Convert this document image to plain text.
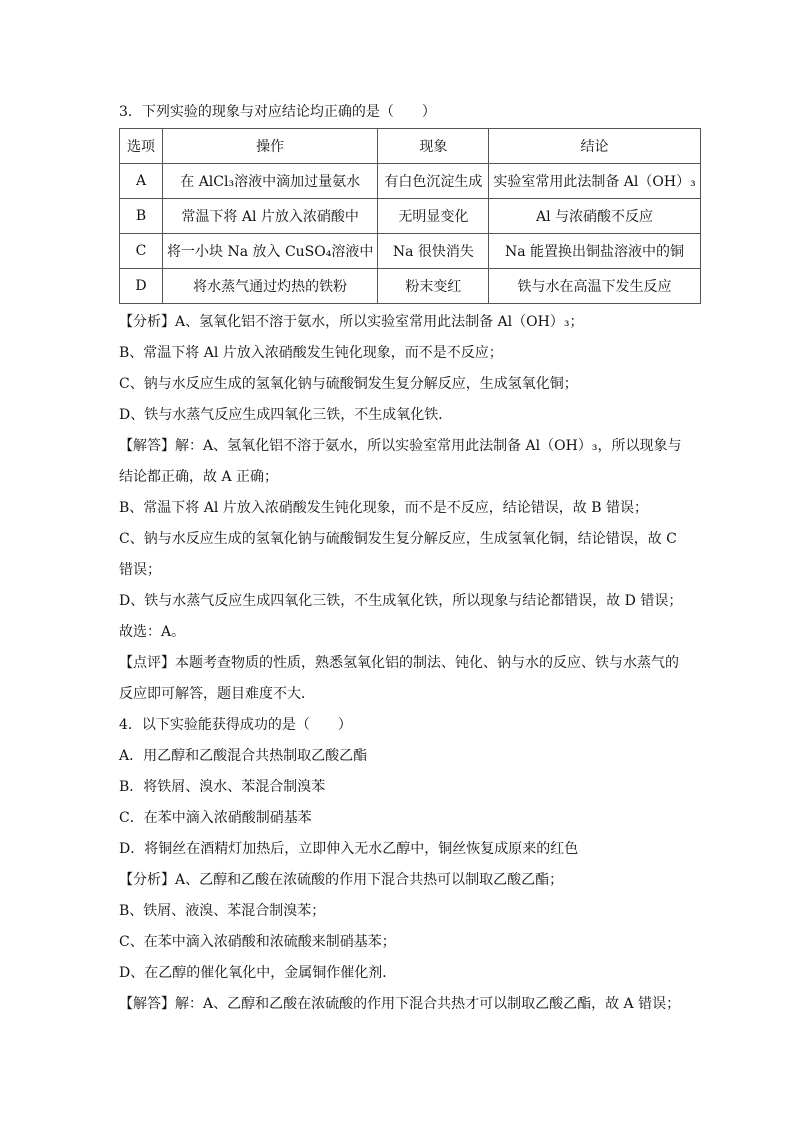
3．下列实验的现象与对应结论均正确的是（　　）
选项	操作	现象	结论
A	在 AlCl₃溶液中滴加过量氨水	有白色沉淀生成	实验室常用此法制备 Al（OH）₃
B	常温下将 Al 片放入浓硝酸中	无明显变化	Al 与浓硝酸不反应
C	将一小块 Na 放入 CuSO₄溶液中	Na 很快消失	Na 能置换出铜盐溶液中的铜
D	将水蒸气通过灼热的铁粉	粉末变红	铁与水在高温下发生反应
【分析】A、氢氧化铝不溶于氨水，所以实验室常用此法制备 Al（OH）₃；
B、常温下将 Al 片放入浓硝酸发生钝化现象，而不是不反应；
C、钠与水反应生成的氢氧化钠与硫酸铜发生复分解反应，生成氢氧化铜；
D、铁与水蒸气反应生成四氧化三铁，不生成氧化铁．
【解答】解：A、氢氧化铝不溶于氨水，所以实验室常用此法制备 Al（OH）₃，所以现象与
结论都正确，故 A 正确；
B、常温下将 Al 片放入浓硝酸发生钝化现象，而不是不反应，结论错误，故 B 错误；
C、钠与水反应生成的氢氧化钠与硫酸铜发生复分解反应，生成氢氧化铜，结论错误，故 C
错误；
D、铁与水蒸气反应生成四氧化三铁，不生成氧化铁，所以现象与结论都错误，故 D 错误；
故选：A。
【点评】本题考查物质的性质，熟悉氢氧化铝的制法、钝化、钠与水的反应、铁与水蒸气的
反应即可解答，题目难度不大．
4．以下实验能获得成功的是（　　）
A．用乙醇和乙酸混合共热制取乙酸乙酯
B．将铁屑、溴水、苯混合制溴苯
C．在苯中滴入浓硝酸制硝基苯
D．将铜丝在酒精灯加热后，立即伸入无水乙醇中，铜丝恢复成原来的红色
【分析】A、乙醇和乙酸在浓硫酸的作用下混合共热可以制取乙酸乙酯；
B、铁屑、液溴、苯混合制溴苯；
C、在苯中滴入浓硝酸和浓硫酸来制硝基苯；
D、在乙醇的催化氧化中，金属铜作催化剂．
【解答】解：A、乙醇和乙酸在浓硫酸的作用下混合共热才可以制取乙酸乙酯，故 A 错误；
